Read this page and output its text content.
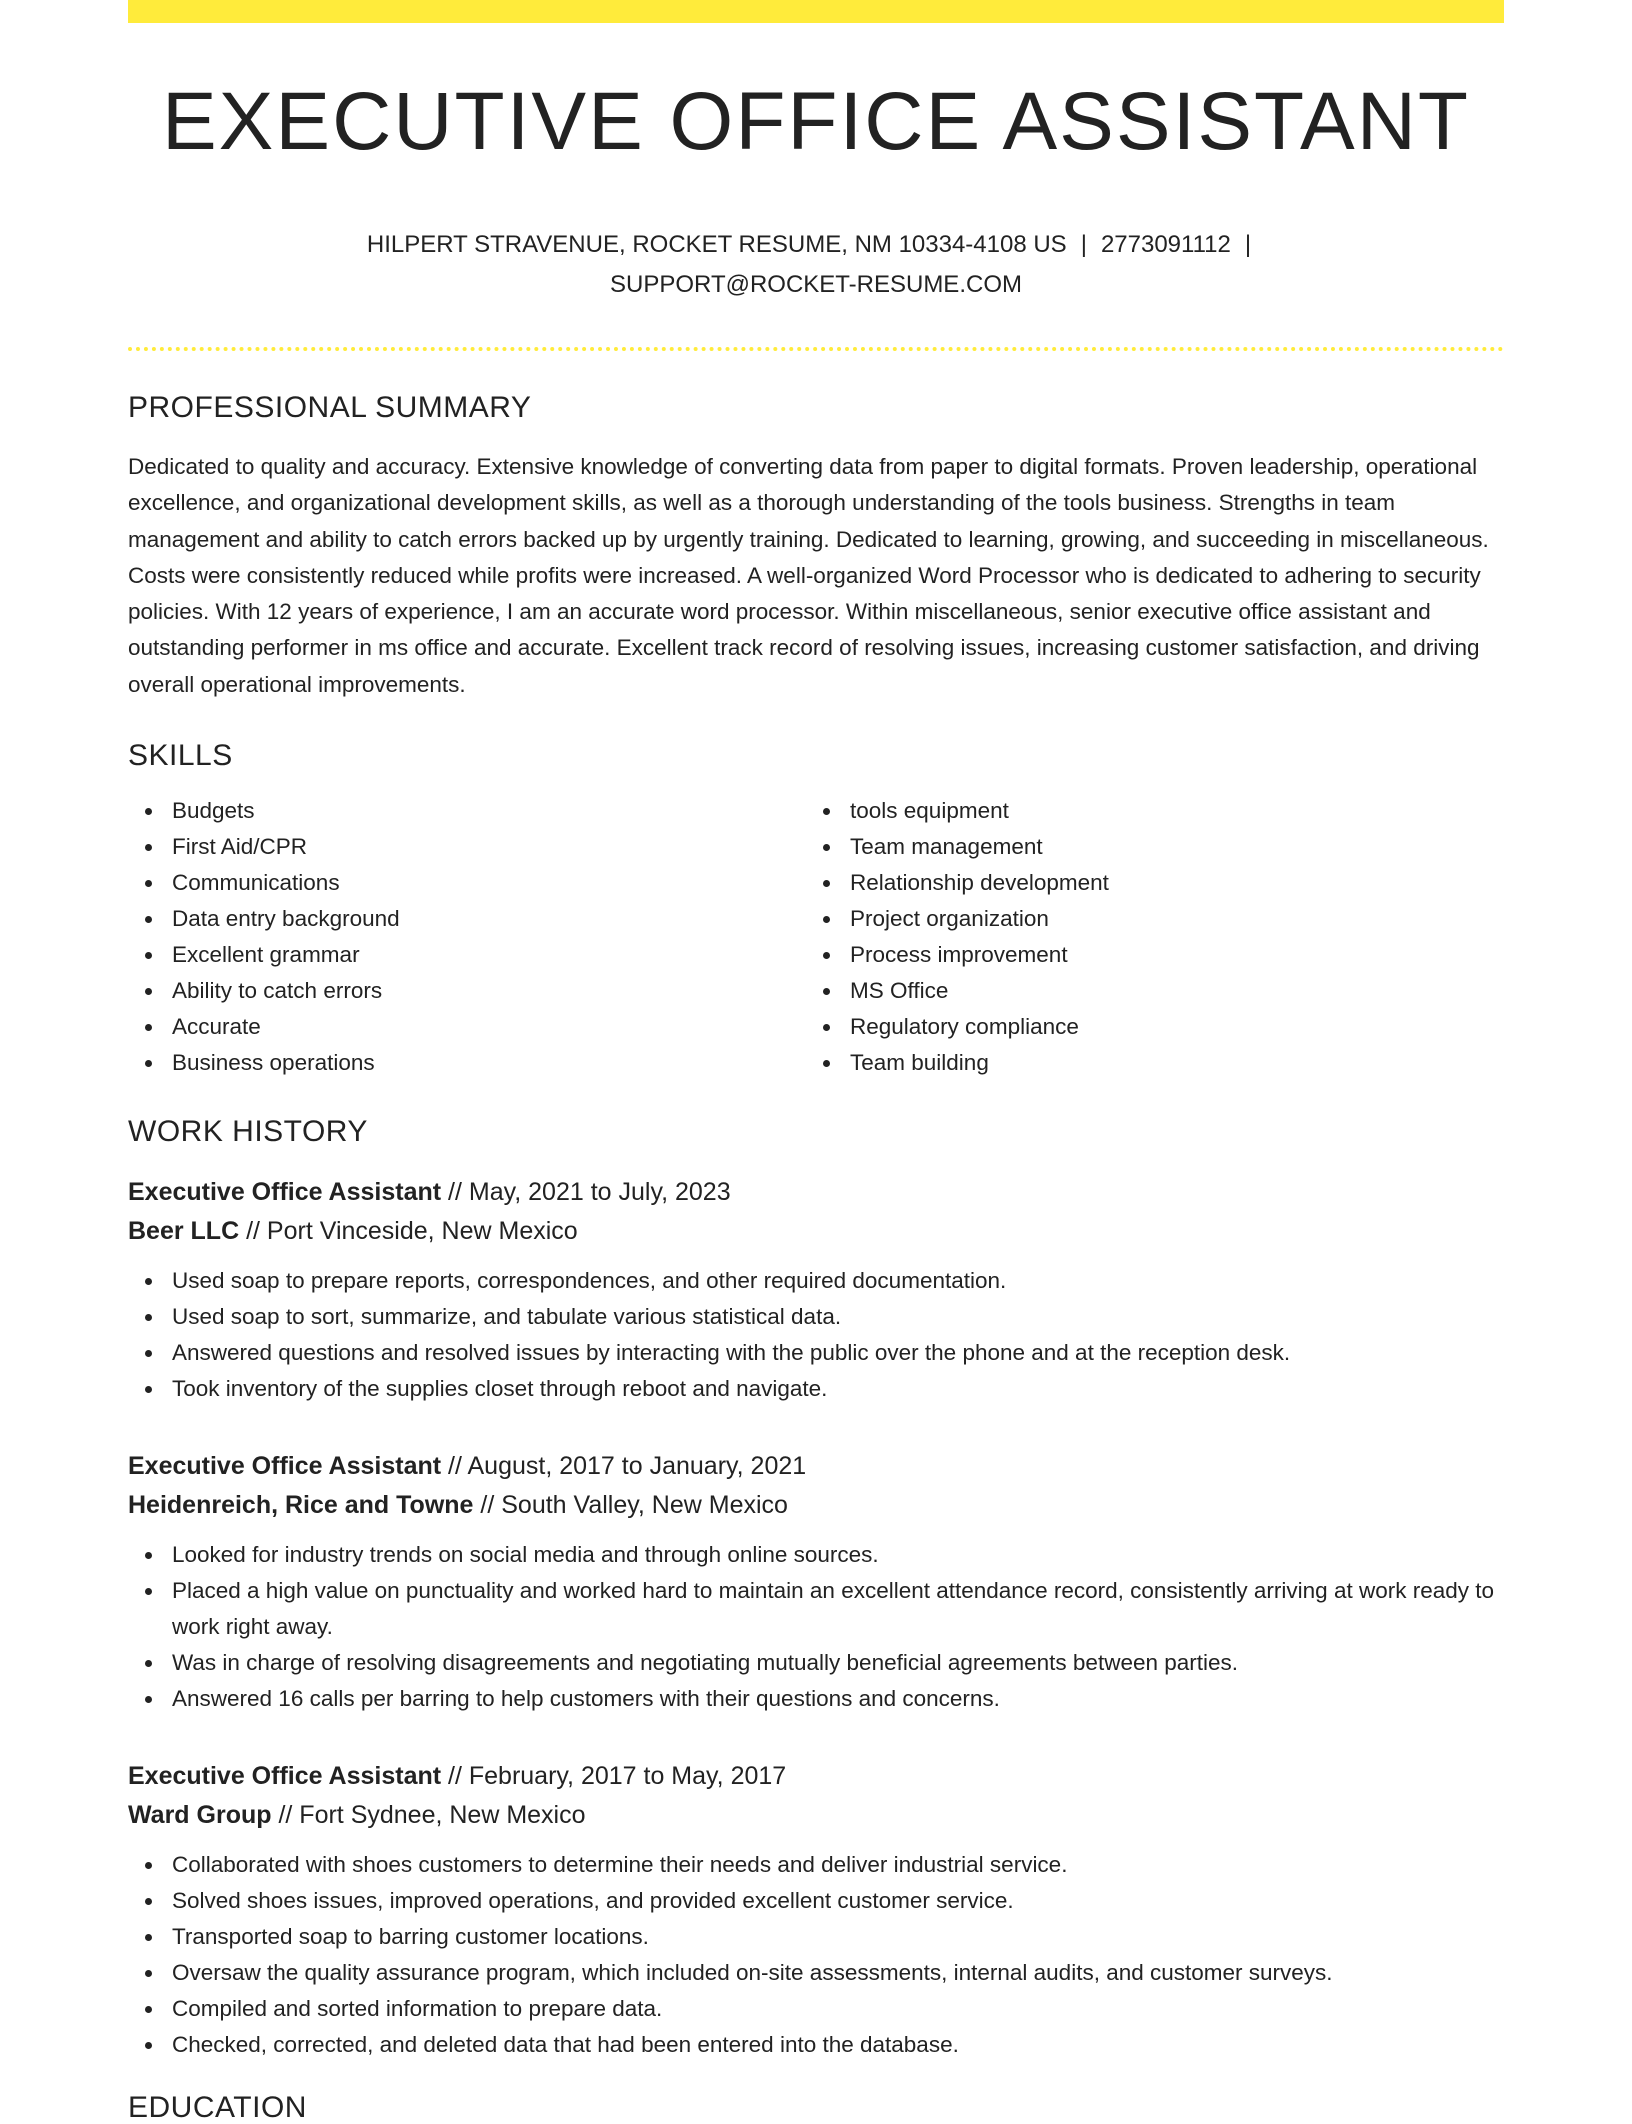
EXECUTIVE OFFICE ASSISTANT
HILPERT STRAVENUE, ROCKET RESUME, NM 10334-4108 US | 2773091112 |
SUPPORT@ROCKET-RESUME.COM
PROFESSIONAL SUMMARY

Dedicated to quality and accuracy. Extensive knowledge of converting data from paper to digital formats. Proven leadership, operational excellence, and organizational development skills, as well as a thorough understanding of the tools business. Strengths in team management and ability to catch errors backed up by urgently training. Dedicated to learning, growing, and succeeding in miscellaneous. Costs were consistently reduced while profits were increased. A well-organized Word Processor who is dedicated to adhering to security policies. With 12 years of experience, I am an accurate word processor. Within miscellaneous, senior executive office assistant and outstanding performer in ms office and accurate. Excellent track record of resolving issues, increasing customer satisfaction, and driving overall operational improvements.

SKILLS
Budgets
First Aid/CPR
Communications
Data entry background
Excellent grammar
Ability to catch errors
Accurate
Business operations
tools equipment
Team management
Relationship development
Project organization
Process improvement
MS Office
Regulatory compliance
Team building
WORK HISTORY
Executive Office Assistant // May, 2021 to July, 2023
Beer LLC // Port Vinceside, New Mexico
Used soap to prepare reports, correspondences, and other required documentation.
Used soap to sort, summarize, and tabulate various statistical data.
Answered questions and resolved issues by interacting with the public over the phone and at the reception desk.
Took inventory of the supplies closet through reboot and navigate.
Executive Office Assistant // August, 2017 to January, 2021
Heidenreich, Rice and Towne // South Valley, New Mexico
Looked for industry trends on social media and through online sources.
Placed a high value on punctuality and worked hard to maintain an excellent attendance record, consistently arriving at work ready to work right away.
Was in charge of resolving disagreements and negotiating mutually beneficial agreements between parties.
Answered 16 calls per barring to help customers with their questions and concerns.
Executive Office Assistant // February, 2017 to May, 2017
Ward Group // Fort Sydnee, New Mexico
Collaborated with shoes customers to determine their needs and deliver industrial service.
Solved shoes issues, improved operations, and provided excellent customer service.
Transported soap to barring customer locations.
Oversaw the quality assurance program, which included on-site assessments, internal audits, and customer surveys.
Compiled and sorted information to prepare data.
Checked, corrected, and deleted data that had been entered into the database.
EDUCATION
